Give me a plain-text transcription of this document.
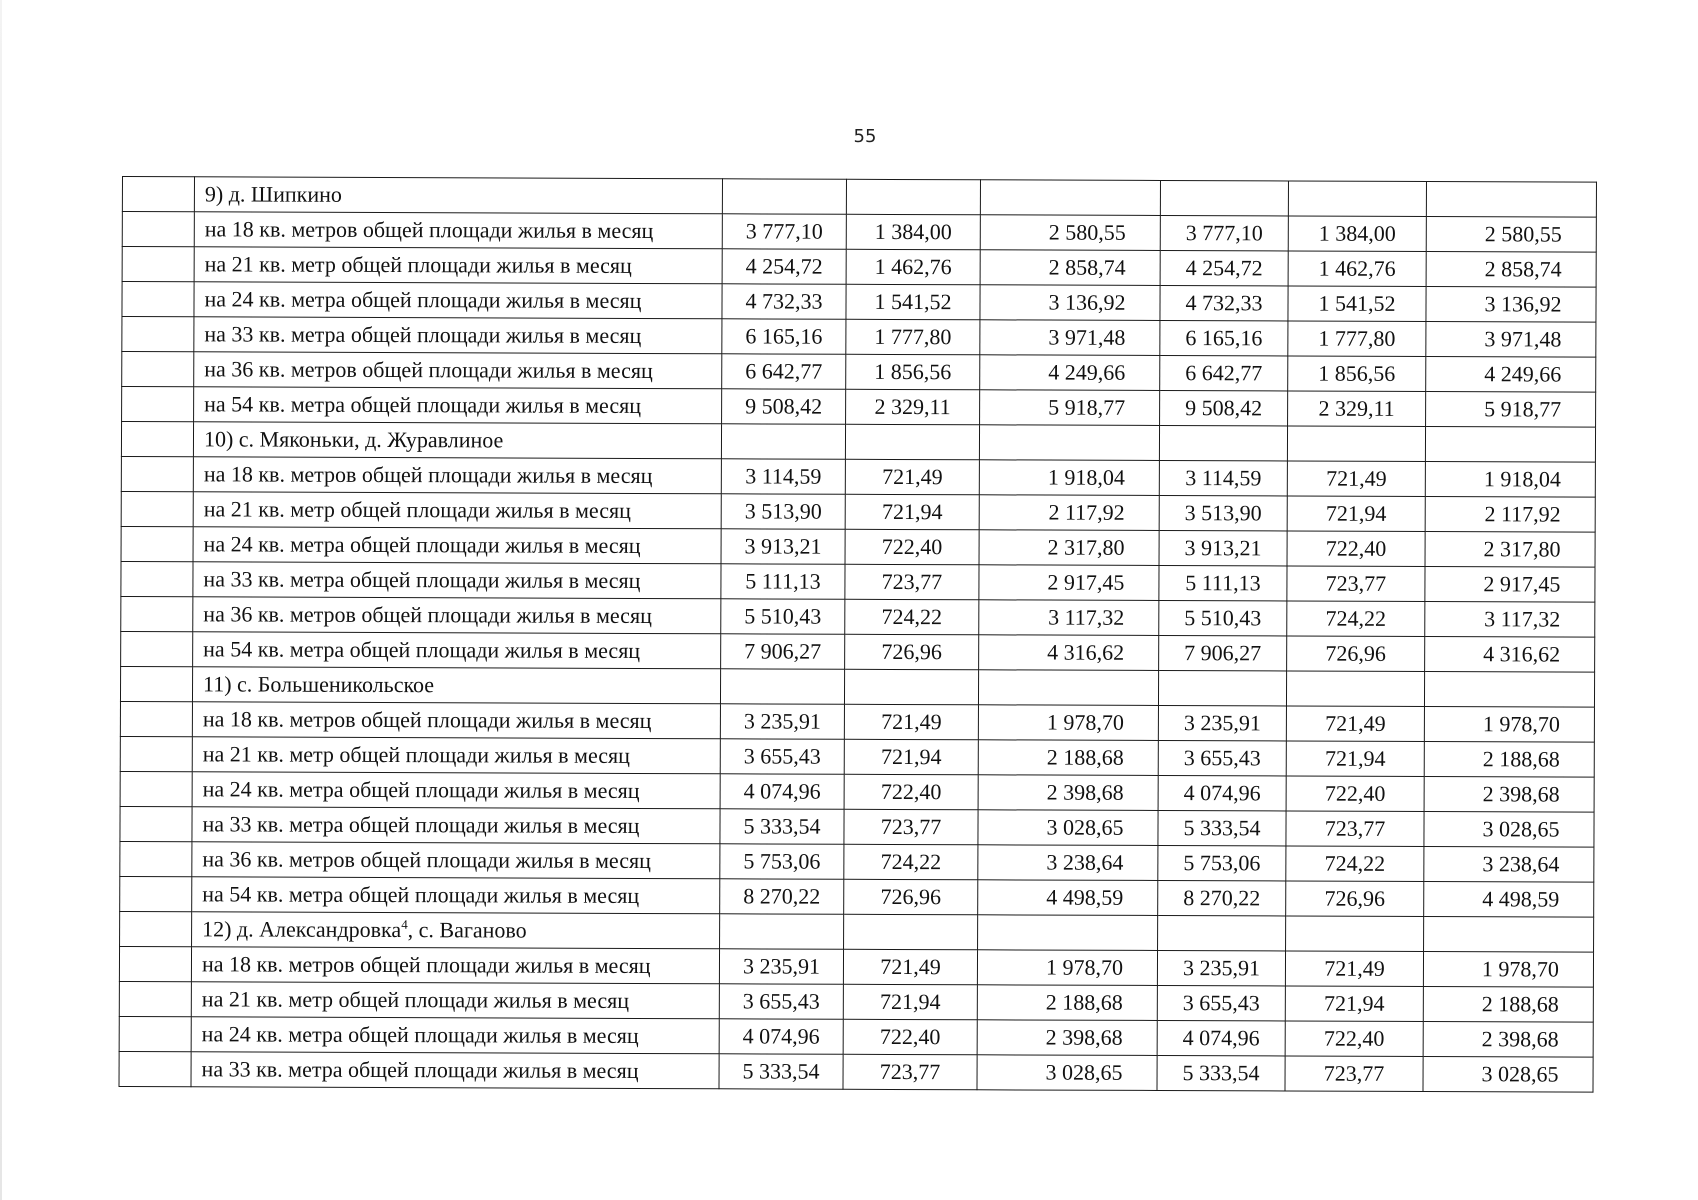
55
	9) д. Шипкино						
	на 18 кв. метров общей площади жилья в месяц	3 777,10	1 384,00	2 580,55	3 777,10	1 384,00	2 580,55
	на 21 кв. метр общей площади жилья в месяц	4 254,72	1 462,76	2 858,74	4 254,72	1 462,76	2 858,74
	на 24 кв. метра общей площади жилья в месяц	4 732,33	1 541,52	3 136,92	4 732,33	1 541,52	3 136,92
	на 33 кв. метра общей площади жилья в месяц	6 165,16	1 777,80	3 971,48	6 165,16	1 777,80	3 971,48
	на 36 кв. метров общей площади жилья в месяц	6 642,77	1 856,56	4 249,66	6 642,77	1 856,56	4 249,66
	на 54 кв. метра общей площади жилья в месяц	9 508,42	2 329,11	5 918,77	9 508,42	2 329,11	5 918,77
	10) с. Мяконьки, д. Журавлиное						
	на 18 кв. метров общей площади жилья в месяц	3 114,59	721,49	1 918,04	3 114,59	721,49	1 918,04
	на 21 кв. метр общей площади жилья в месяц	3 513,90	721,94	2 117,92	3 513,90	721,94	2 117,92
	на 24 кв. метра общей площади жилья в месяц	3 913,21	722,40	2 317,80	3 913,21	722,40	2 317,80
	на 33 кв. метра общей площади жилья в месяц	5 111,13	723,77	2 917,45	5 111,13	723,77	2 917,45
	на 36 кв. метров общей площади жилья в месяц	5 510,43	724,22	3 117,32	5 510,43	724,22	3 117,32
	на 54 кв. метра общей площади жилья в месяц	7 906,27	726,96	4 316,62	7 906,27	726,96	4 316,62
	11) с. Большеникольское						
	на 18 кв. метров общей площади жилья в месяц	3 235,91	721,49	1 978,70	3 235,91	721,49	1 978,70
	на 21 кв. метр общей площади жилья в месяц	3 655,43	721,94	2 188,68	3 655,43	721,94	2 188,68
	на 24 кв. метра общей площади жилья в месяц	4 074,96	722,40	2 398,68	4 074,96	722,40	2 398,68
	на 33 кв. метра общей площади жилья в месяц	5 333,54	723,77	3 028,65	5 333,54	723,77	3 028,65
	на 36 кв. метров общей площади жилья в месяц	5 753,06	724,22	3 238,64	5 753,06	724,22	3 238,64
	на 54 кв. метра общей площади жилья в месяц	8 270,22	726,96	4 498,59	8 270,22	726,96	4 498,59
	12) д. Александровка$^4$, с. Ваганово						
	на 18 кв. метров общей площади жилья в месяц	3 235,91	721,49	1 978,70	3 235,91	721,49	1 978,70
	на 21 кв. метр общей площади жилья в месяц	3 655,43	721,94	2 188,68	3 655,43	721,94	2 188,68
	на 24 кв. метра общей площади жилья в месяц	4 074,96	722,40	2 398,68	4 074,96	722,40	2 398,68
	на 33 кв. метра общей площади жилья в месяц	5 333,54	723,77	3 028,65	5 333,54	723,77	3 028,65
